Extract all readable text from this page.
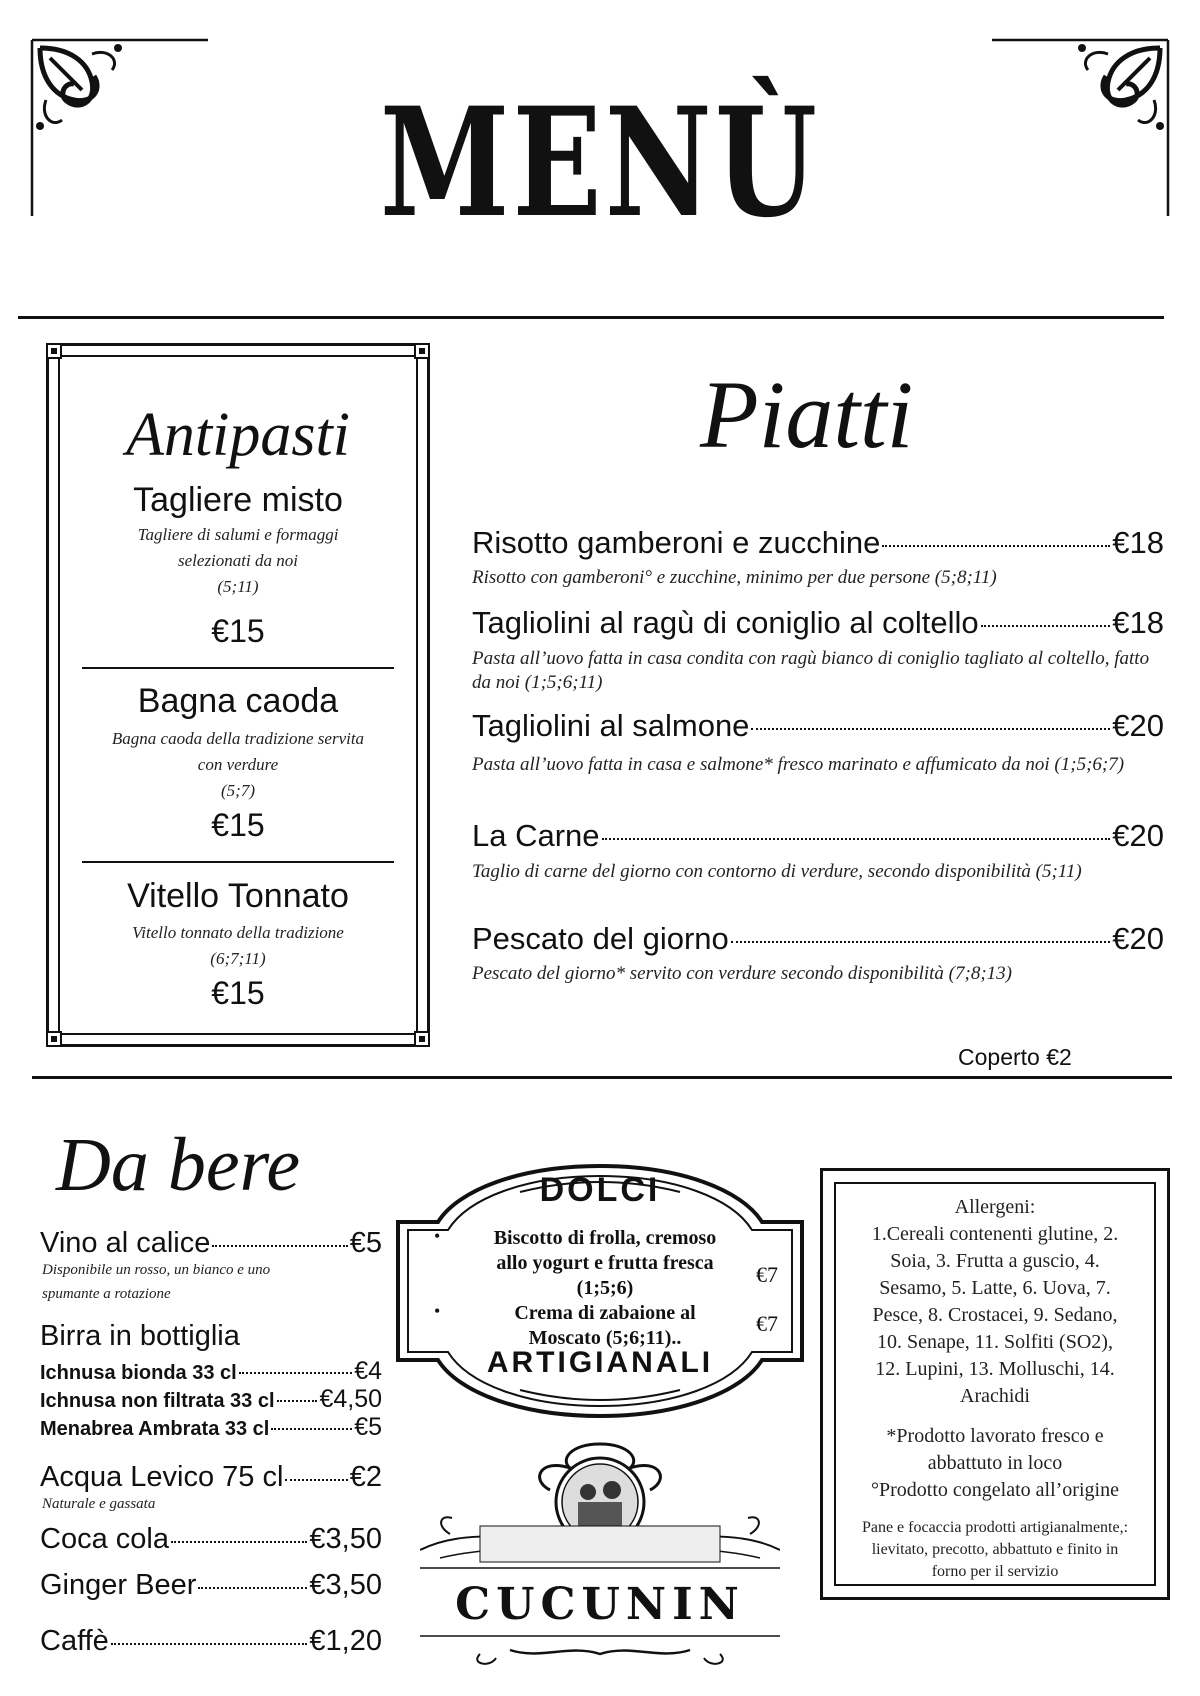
MENÙ
Antipasti
Tagliere misto
Tagliere di salumi e formaggi
selezionati da noi
(5;11)
€15
Bagna caoda
Bagna caoda della tradizione servita
con verdure
(5;7)
€15
Vitello Tonnato
Vitello tonnato della tradizione
(6;7;11)
€15
Piatti
Risotto gamberoni e zucchine	€18
Risotto con gamberoni° e zucchine, minimo per due persone (5;8;11)
Tagliolini al ragù di coniglio al coltello	€18
Pasta all’uovo fatta in casa condita con ragù bianco di coniglio tagliato al coltello, fatto da noi (1;5;6;11)
Tagliolini al salmone	€20
Pasta all’uovo fatta in casa e salmone* fresco marinato e affumicato da noi (1;5;6;7)
La Carne	€20
Taglio di carne del giorno con contorno di verdure, secondo disponibilità (5;11)
Pescato del giorno	€20
Pescato del giorno* servito con verdure secondo disponibilità (7;8;13)
Coperto €2
Da bere
Vino al calice	€5
Disponibile un rosso, un bianco e uno
spumante a rotazione
Birra in bottiglia
Ichnusa bionda 33 cl	€4
Ichnusa non filtrata 33 cl €4,50
Menabrea Ambrata 33 cl	€5
Acqua Levico 75 cl €2
Naturale e gassata
Coca cola	€3,50
Ginger Beer	€3,50
Caffè	€1,20
DOLCI
ARTIGIANALI
•	Biscotto di frolla, cremoso
allo yogurt e frutta fresca
(1;5;6)
€7
•	Crema di zabaione al
Moscato (5;6;11)..
€7
CUCUNIN
Allergeni:
1.Cereali contenenti glutine, 2.
Soia, 3. Frutta a guscio, 4.
Sesamo, 5. Latte, 6. Uova, 7.
Pesce, 8. Crostacei, 9. Sedano,
10. Senape, 11. Solfiti (SO2),
12. Lupini, 13. Molluschi, 14.
Arachidi
*Prodotto lavorato fresco e
abbattuto in loco
°Prodotto congelato all’origine
Pane e focaccia prodotti artigianalmente,:
lievitato, precotto, abbattuto e finito in
forno per il servizio
